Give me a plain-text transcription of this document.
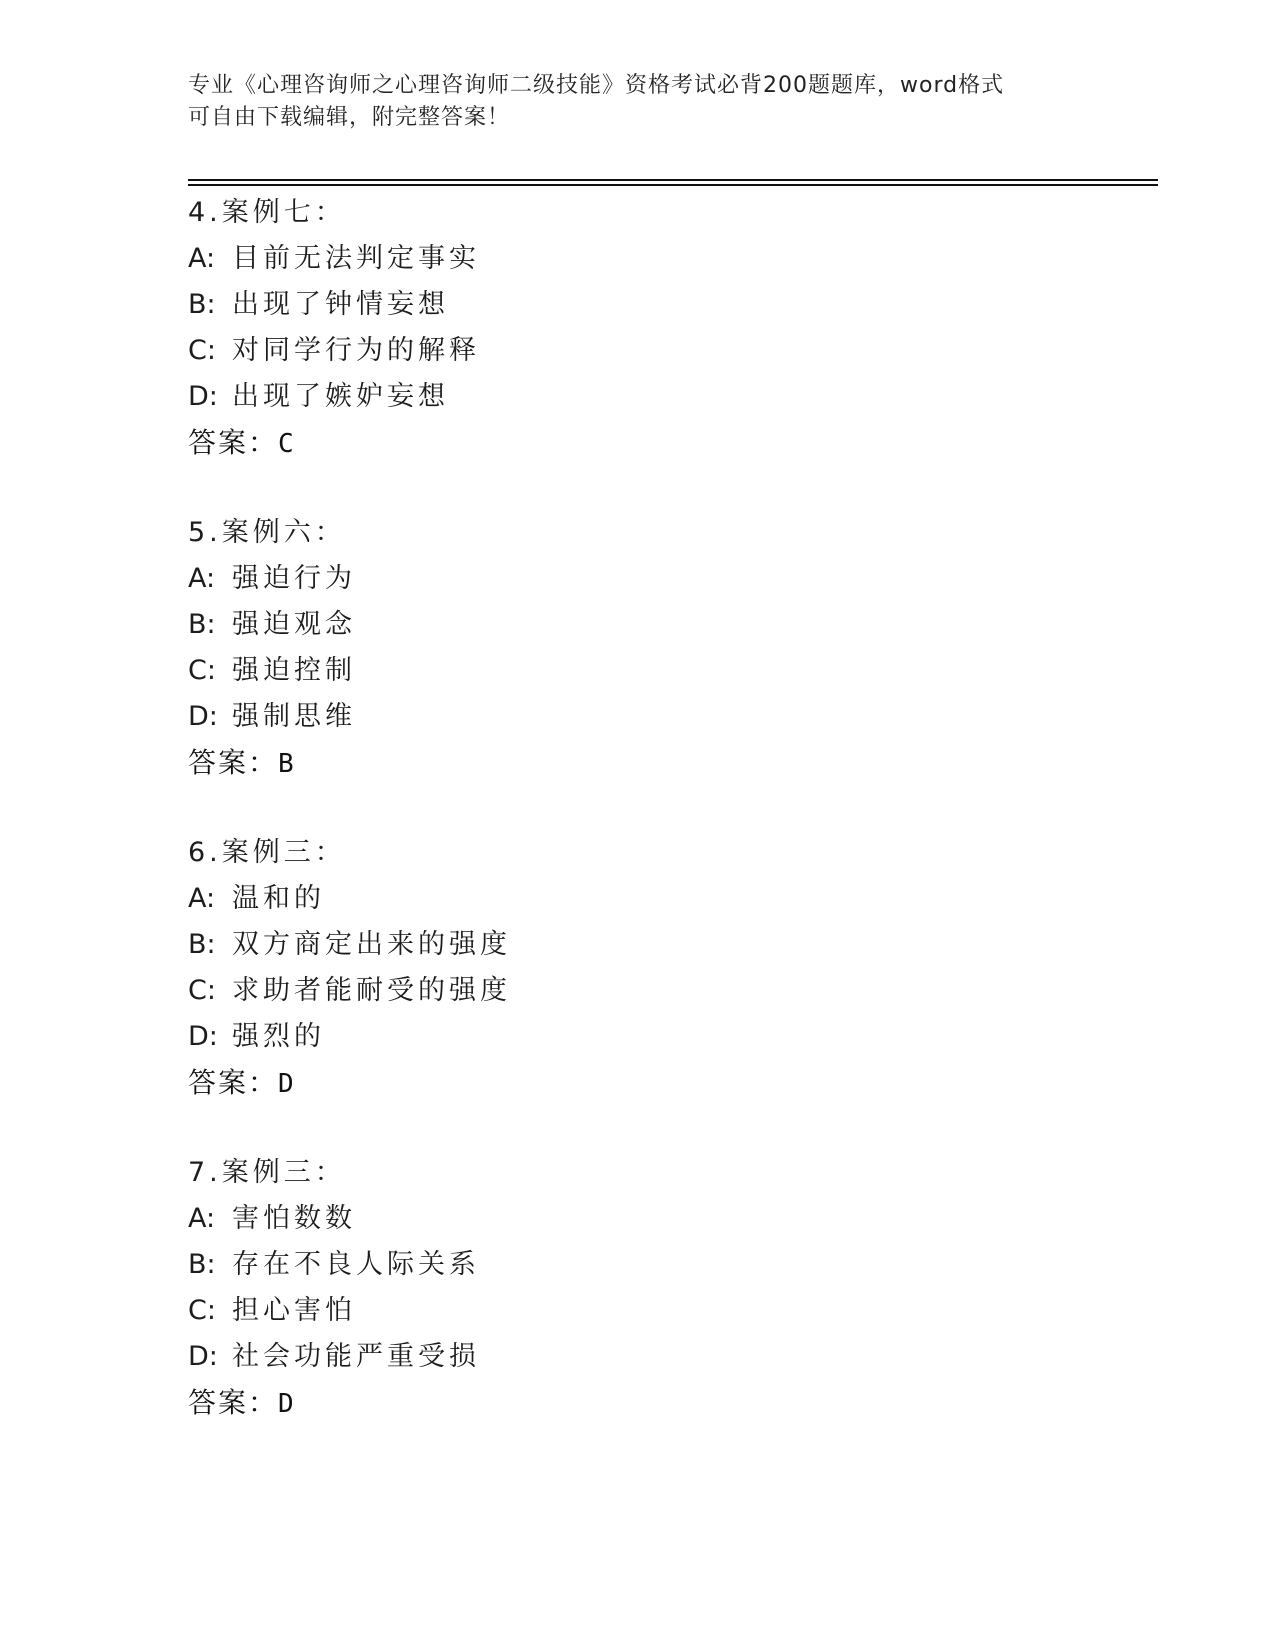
专业《心理咨询师之心理咨询师二级技能》资格考试必背200题题库，word格式

可自由下载编辑，附完整答案！

4.案例七：
A: 目前无法判定事实
B: 出现了钟情妄想
C: 对同学行为的解释
D: 出现了嫉妒妄想
答案：C
5.案例六：
A: 强迫行为
B: 强迫观念
C: 强迫控制
D: 强制思维
答案：B
6.案例三：
A: 温和的
B: 双方商定出来的强度
C: 求助者能耐受的强度
D: 强烈的
答案：D
7.案例三：
A: 害怕数数
B: 存在不良人际关系
C: 担心害怕
D: 社会功能严重受损
答案：D
